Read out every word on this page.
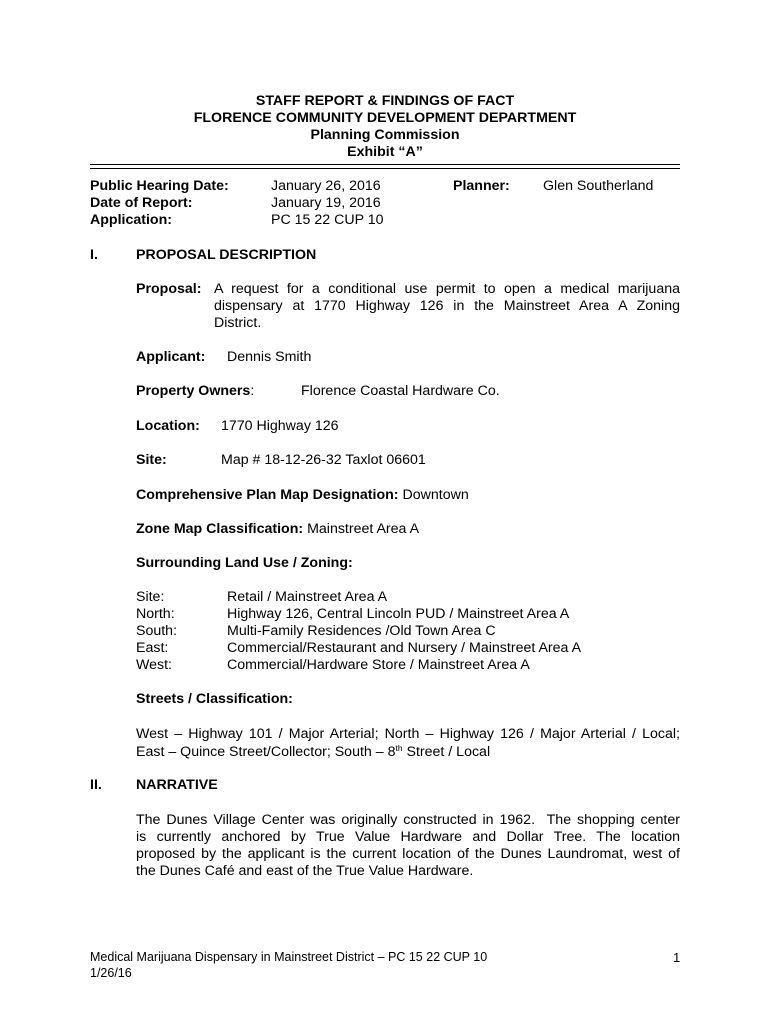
STAFF REPORT & FINDINGS OF FACT
FLORENCE COMMUNITY DEVELOPMENT DEPARTMENT
Planning Commission
Exhibit “A”
Public Hearing Date:	January 26, 2016	Planner: Glen Southerland
Date of Report:	January 19, 2016
Application:	PC 15 22 CUP 10
I.	PROPOSAL DESCRIPTION
Proposal: A request for a conditional use permit to open a medical marijuana
dispensary at 1770 Highway 126 in the Mainstreet Area A Zoning
District.
Applicant: Dennis Smith
Property Owners:	Florence Coastal Hardware Co.
Location: 1770 Highway 126
Site:	Map # 18-12-26-32 Taxlot 06601
Comprehensive Plan Map Designation: Downtown
Zone Map Classification: Mainstreet Area A
Surrounding Land Use / Zoning:
Site:	Retail / Mainstreet Area A
North:	Highway 126, Central Lincoln PUD / Mainstreet Area A
South:	Multi-Family Residences /Old Town Area C
East:	Commercial/Restaurant and Nursery / Mainstreet Area A
West:	Commercial/Hardware Store / Mainstreet Area A
Streets / Classification:
West – Highway 101 / Major Arterial; North – Highway 126 / Major Arterial / Local;
East – Quince Street/Collector; South – 8th Street / Local
II. NARRATIVE
The Dunes Village Center was originally constructed in 1962.  The shopping center
is currently anchored by True Value Hardware and Dollar Tree. The location
proposed by the applicant is the current location of the Dunes Laundromat, west of
the Dunes Café and east of the True Value Hardware.
Medical Marijuana Dispensary in Mainstreet District – PC 15 22 CUP 10
1/26/16
1
